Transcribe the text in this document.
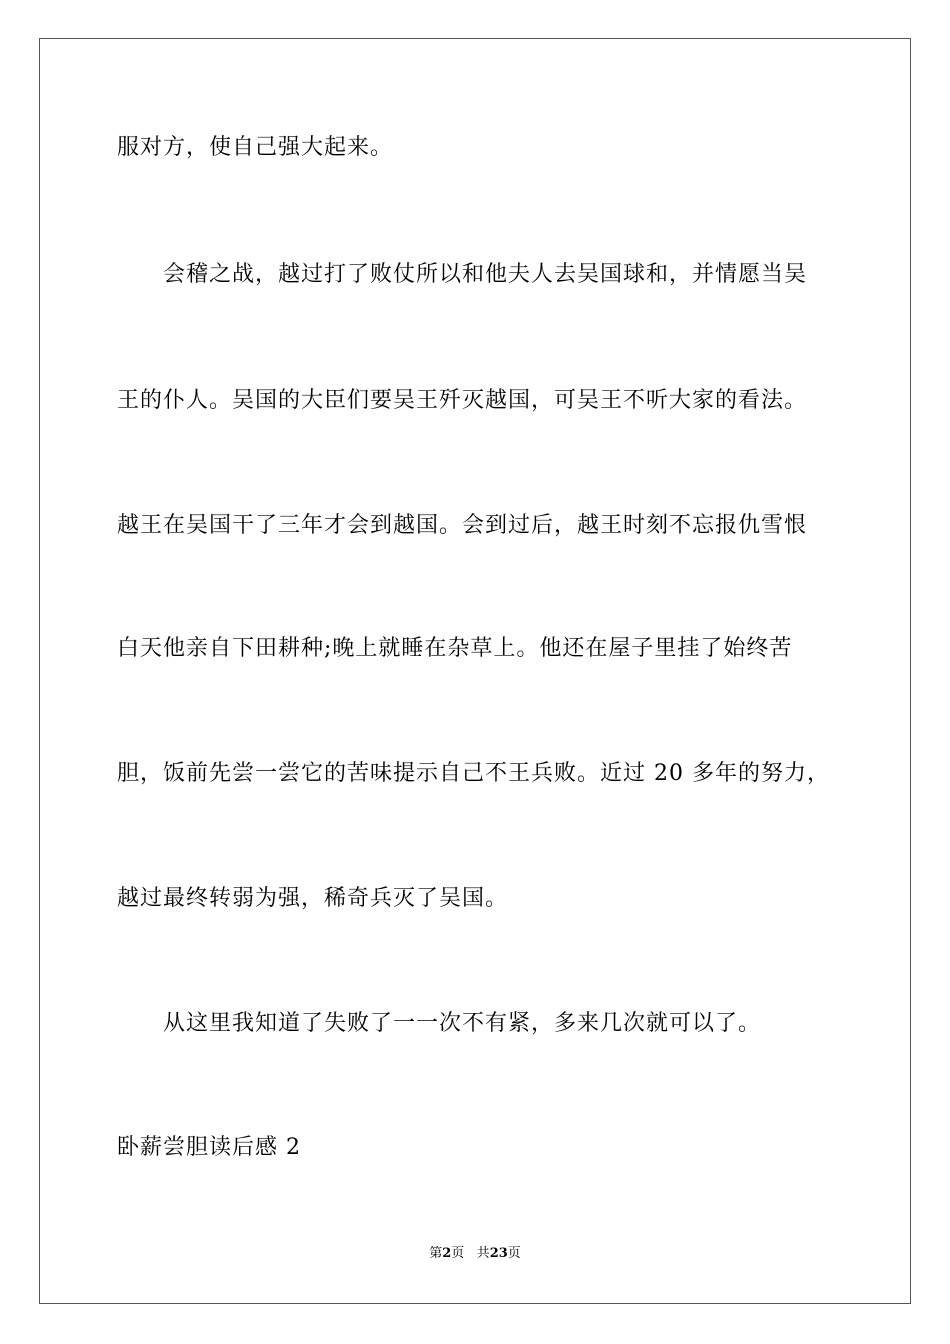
服对方，使自己强大起来。
会稽之战，越过打了败仗所以和他夫人去吴国球和，并情愿当吴
王的仆人。吴国的大臣们要吴王歼灭越国，可吴王不听大家的看法。
越王在吴国干了三年才会到越国。会到过后，越王时刻不忘报仇雪恨
白天他亲自下田耕种;晚上就睡在杂草上。他还在屋子里挂了始终苦
胆，饭前先尝一尝它的苦味提示自己不王兵败。近过 20 多年的努力，
越过最终转弱为强，稀奇兵灭了吴国。
从这里我知道了失败了一一次不有紧，多来几次就可以了。
卧薪尝胆读后感 2
第2页 共23页
